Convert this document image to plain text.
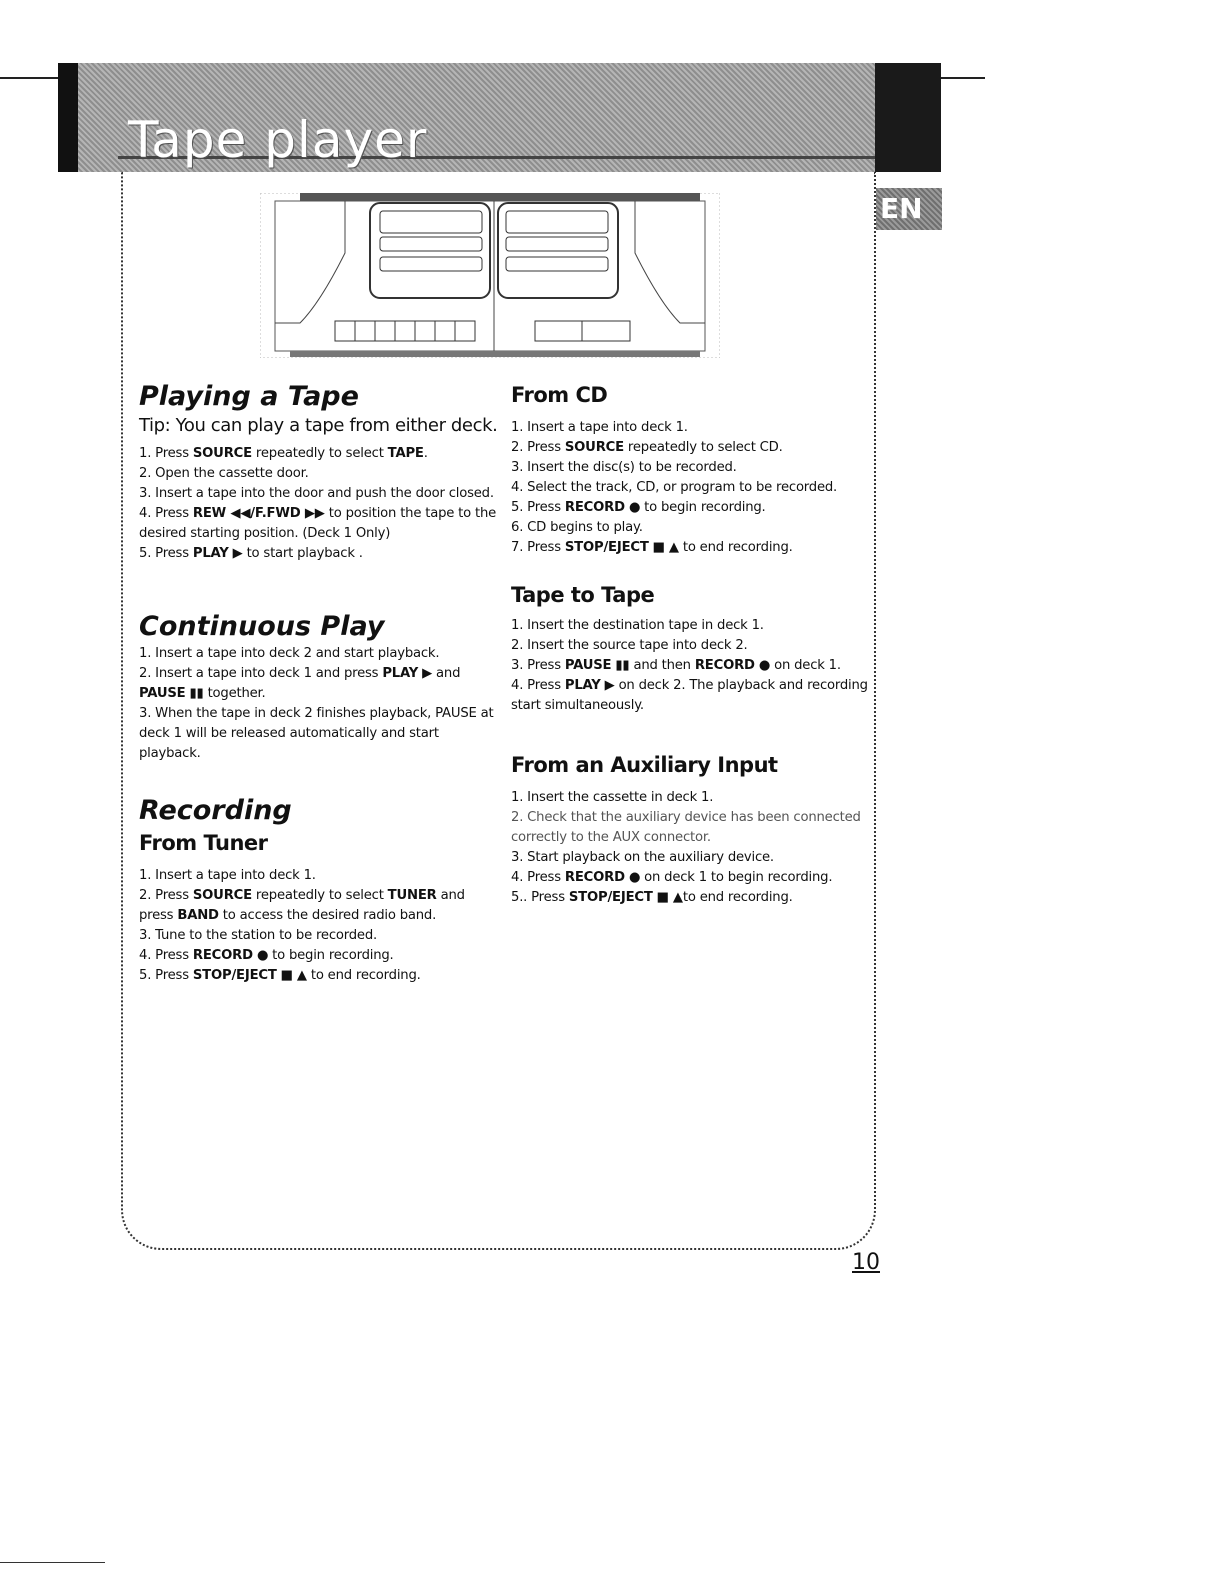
Tape player
EN

Playing a Tape

Tip: You can play a tape from either deck.

1. Press SOURCE repeatedly to select TAPE.

2. Open the cassette door.

3. Insert a tape into the door and push the door closed.

4. Press REW ◀◀/F.FWD ▶▶ to position the tape to the desired starting position. (Deck 1 Only)

5. Press PLAY ▶ to start playback .

Continuous Play

1. Insert a tape into deck 2 and start playback.

2. Insert a tape into deck 1 and press PLAY ▶ and PAUSE ▮▮ together.

3. When the tape in deck 2 finishes playback, PAUSE at deck 1 will be released automatically and start playback.

Recording

From Tuner

1. Insert a tape into deck 1.

2. Press SOURCE repeatedly to select TUNER and press BAND to access the desired radio band.

3. Tune to the station to be recorded.

4. Press RECORD ● to begin recording.

5. Press STOP/EJECT ■ ▲ to end recording.

From CD

1. Insert a tape into deck 1.

2. Press SOURCE repeatedly to select CD.

3. Insert the disc(s) to be recorded.

4. Select the track, CD, or program to be recorded.

5. Press RECORD ● to begin recording.

6. CD begins to play.

7. Press STOP/EJECT ■ ▲ to end recording.

Tape to Tape

1. Insert the destination tape in deck 1.

2. Insert the source tape into deck 2.

3. Press PAUSE ▮▮ and then RECORD ● on deck 1.

4. Press PLAY ▶ on deck 2. The playback and recording start simultaneously.

From an Auxiliary Input

1. Insert the cassette in deck 1.

2. Check that the auxiliary device has been connected correctly to the AUX connector.

3. Start playback on the auxiliary device.

4. Press RECORD ● on deck 1 to begin recording.

5.. Press STOP/EJECT ■ ▲to end recording.

10
